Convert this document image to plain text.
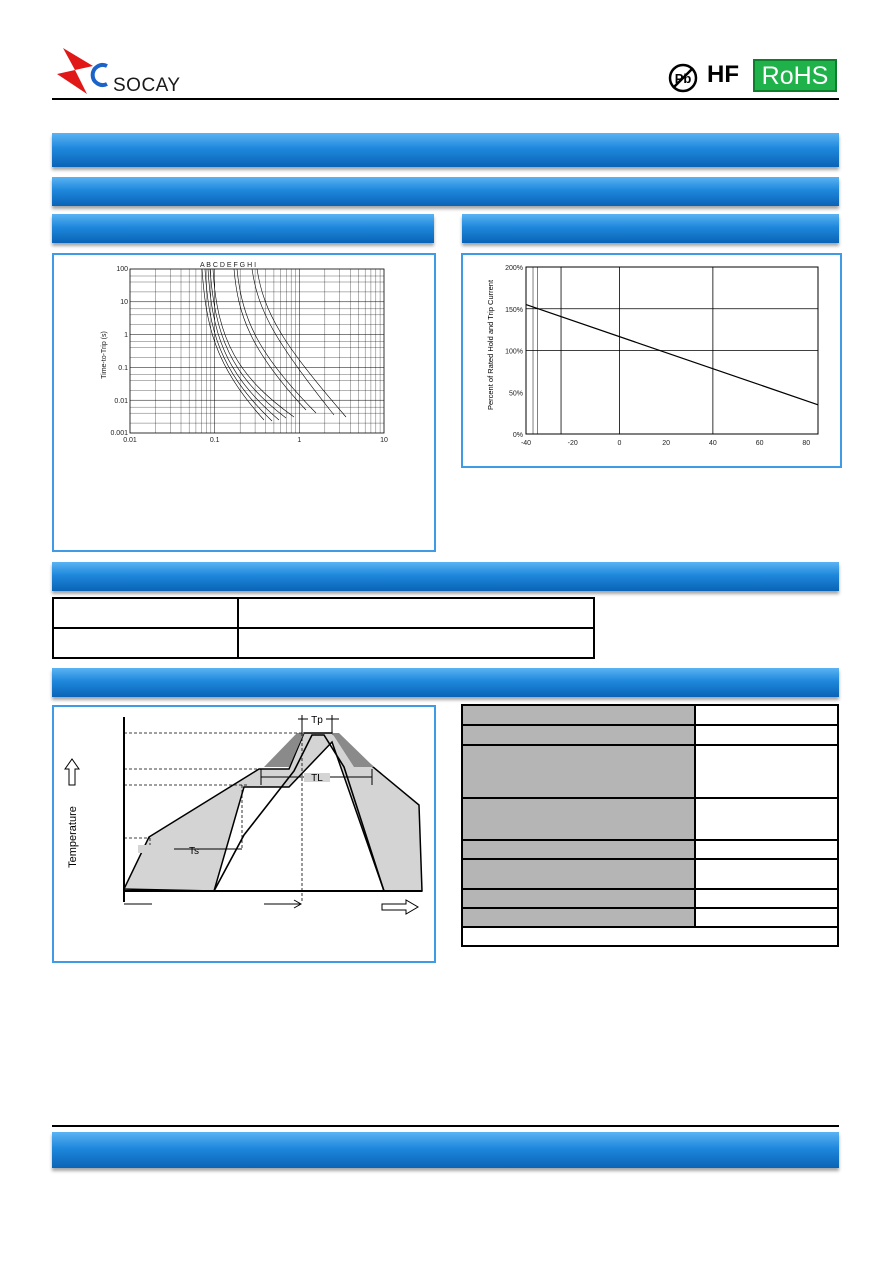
SOCAY	Pb HF RoHS
A B C D E F G H I
Time-to-Trip (s)
100
10
1
0.1
0.01
0.001
0.01	0.1	1	10	-40	-20	0	20	40	60	80
200%
150%
100%
50%
0%
Percent of Rated Hold and Trip Current

Ts
TL
Tp
Temperature
